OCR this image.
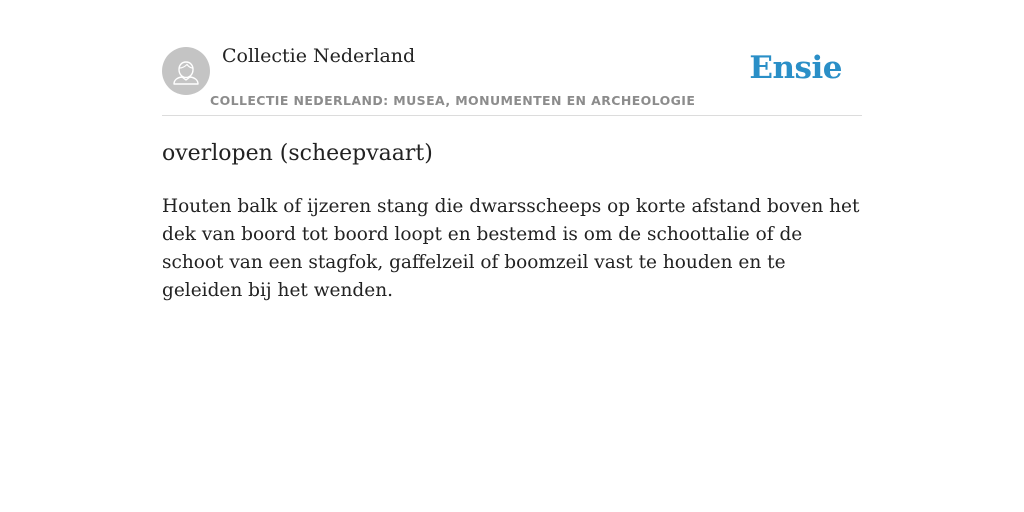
Collectie Nederland
COLLECTIE NEDERLAND: MUSEA, MONUMENTEN EN ARCHEOLOGIE
Ensie
overlopen (scheepvaart)
Houten balk of ijzeren stang die dwarsscheeps op korte afstand boven het dek van boord tot boord loopt en bestemd is om de schoottalie of de schoot van een stagfok, gaffelzeil of boomzeil vast te houden en te geleiden bij het wenden.
